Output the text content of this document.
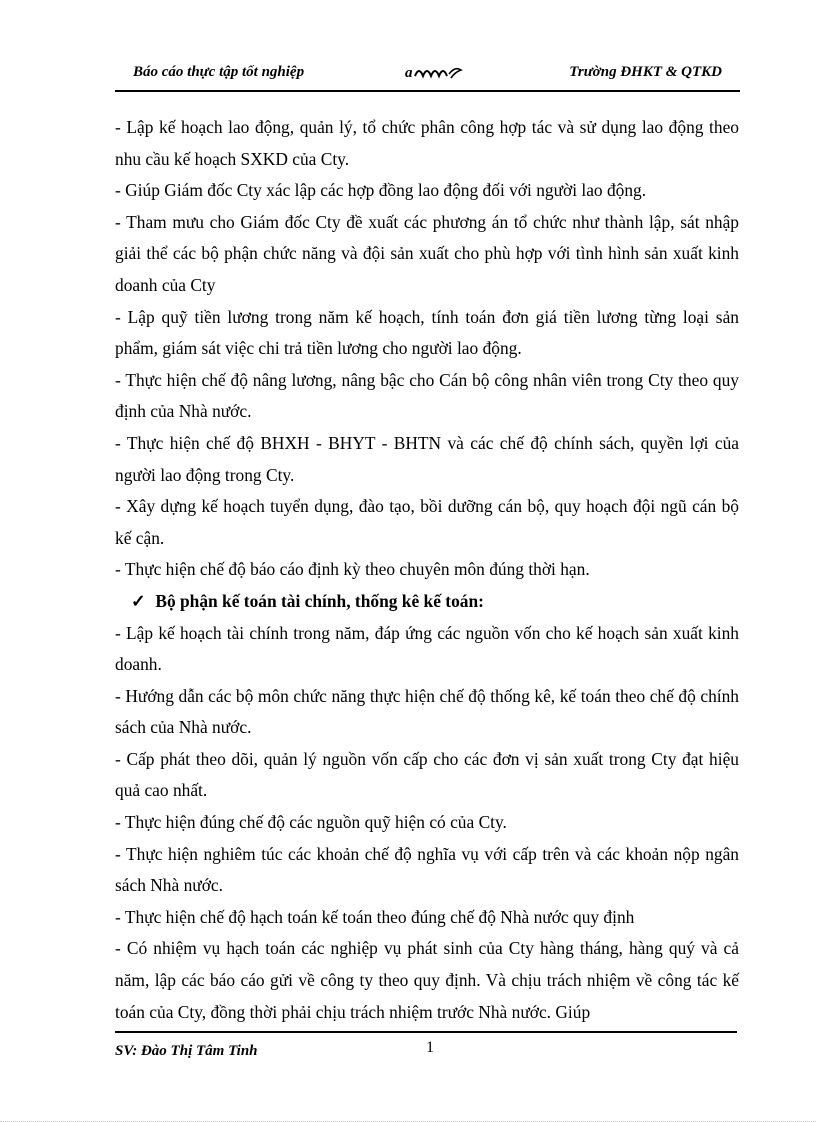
Báo cáo thực tập tốt nghiệp	a	Trường ĐHKT & QTKD

- Lập kế hoạch lao động, quản lý, tổ chức phân công hợp tác và sử dụng lao động theo nhu cầu kế hoạch SXKD của Cty.

- Giúp Giám đốc Cty xác lập các hợp đồng lao động đối với người lao động.

- Tham mưu cho Giám đốc Cty đề xuất các phương án tổ chức như thành lập, sát nhập giải thể các bộ phận chức năng và đội sản xuất cho phù hợp với tình hình sản xuất kinh doanh của Cty

- Lập quỹ tiền lương trong năm kế hoạch, tính toán đơn giá tiền lương từng loại sản phẩm, giám sát việc chi trả tiền lương cho người lao động.

- Thực hiện chế độ nâng lương, nâng bậc cho Cán bộ công nhân viên trong Cty theo quy định của Nhà nước.

- Thực hiện chế độ BHXH - BHYT - BHTN và các chế độ chính sách, quyền lợi của người lao động trong Cty.

- Xây dựng kế hoạch tuyển dụng, đào tạo, bồi dưỡng cán bộ, quy hoạch đội ngũ cán bộ kế cận.

- Thực hiện chế độ báo cáo định kỳ theo chuyên môn đúng thời hạn.

✓ Bộ phận kế toán tài chính, thống kê kế toán:

- Lập kế hoạch tài chính trong năm, đáp ứng các nguồn vốn cho kế hoạch sản xuất kinh doanh.

- Hướng dẫn các bộ môn chức năng thực hiện chế độ thống kê, kế toán theo chế độ chính sách của Nhà nước.

- Cấp phát theo dõi, quản lý nguồn vốn cấp cho các đơn vị sản xuất trong Cty đạt hiệu quả cao nhất.

- Thực hiện đúng chế độ các nguồn quỹ hiện có của Cty.

- Thực hiện nghiêm túc các khoản chế độ nghĩa vụ với cấp trên và các khoản nộp ngân sách Nhà nước.

- Thực hiện chế độ hạch toán kế toán theo đúng chế độ Nhà nước quy định

- Có nhiệm vụ hạch toán các nghiệp vụ phát sinh của Cty hàng tháng, hàng quý và cả năm, lập các báo cáo gửi về công ty theo quy định. Và chịu trách nhiệm về công tác kế toán của Cty, đồng thời phải chịu trách nhiệm trước Nhà nước. Giúp

SV: Đào Thị Tâm Tinh	1
